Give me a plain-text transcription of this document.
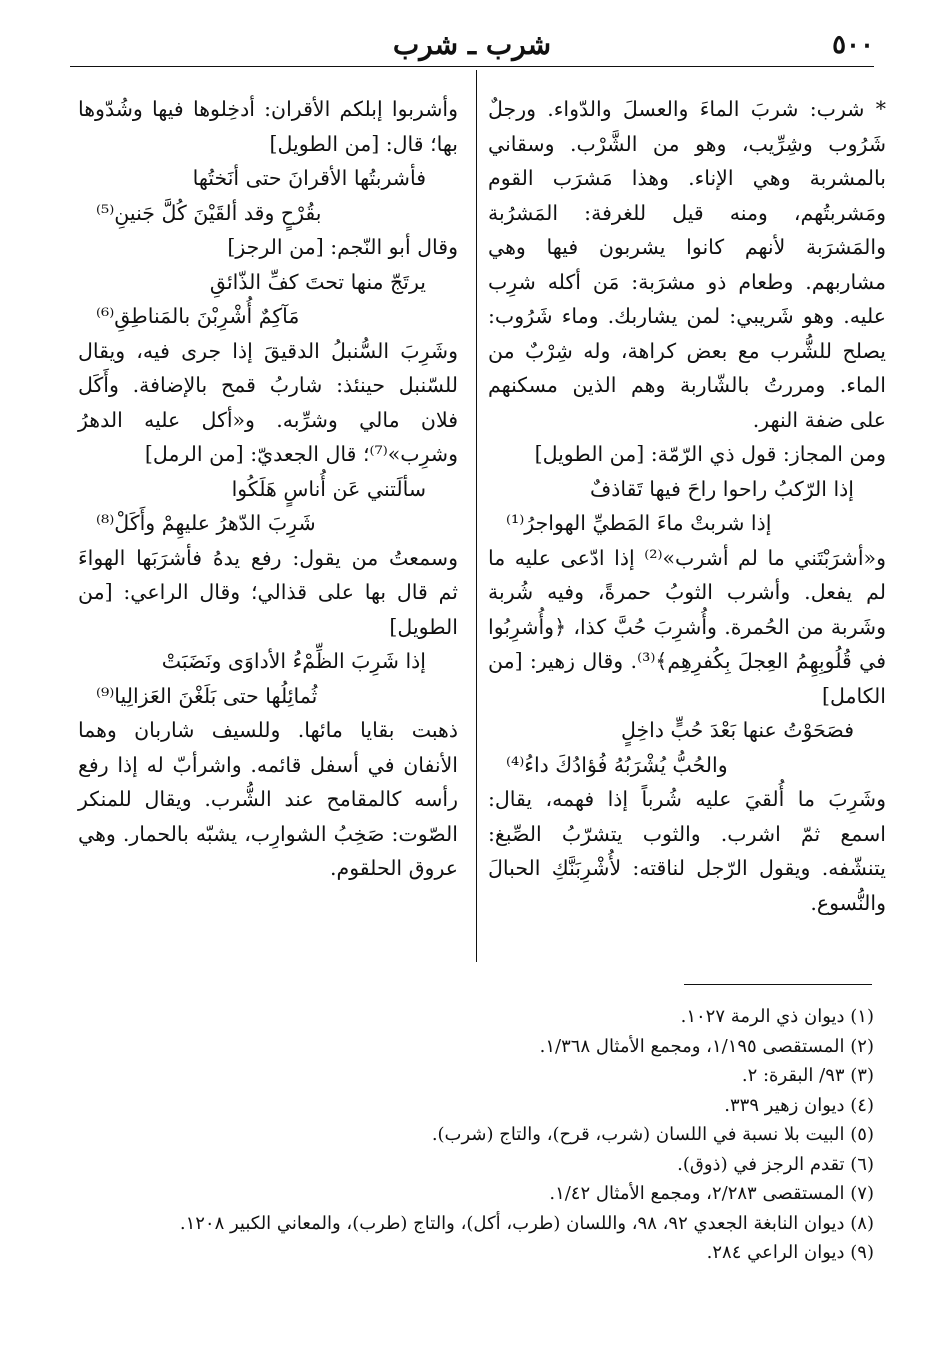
٥٠٠
شرب ـ شرب

* شرب: شربَ الماءَ والعسلَ والدّواء. ورجلٌ شَرُوب وشِرِّيب، وهو من الشَّرْب. وسقاني بالمشربة وهي الإناء. وهذا مَشرَب القوم ومَشربتُهم، ومنه قيل للغرفة: المَشرُبة والمَشرَبة لأنهم كانوا يشربون فيها وهي مشاربهم. وطعام ذو مشرَبة: مَن أكله شرِب عليه. وهو شَريبي: لمن يشاربك. وماء شَرُوب: يصلح للشُّرب مع بعض كراهة، وله شِرْبٌ من الماء. ومررتُ بالشّاربة وهم الذين مسكنهم على ضفة النهر.

ومن المجاز: قول ذي الرّمّة: [من الطويل]

إذا الرّكبُ راحوا راحَ فيها تَقاذفٌ
إذا شربتْ ماءَ المَطيِّ الهواجرُ⁽¹⁾

و«أشرَبْتَني ما لم أشرب»⁽²⁾ إذا ادّعى عليه ما لم يفعل. وأشرب الثوبُ حمرةً، وفيه شُربة وشَربة من الحُمرة. وأُشرِبَ حُبَّ كذا، ﴿وأُشرِبُوا في قُلُوبِهِمُ العِجلَ بِكُفرِهِم﴾⁽³⁾. وقال زهير: [من الكامل]

فصَحَوْتُ عنها بَعْدَ حُبٍّ داخِلٍ
والحُبُّ يُشْرَبُهُ فُؤادُكَ داءُ⁽⁴⁾

وشَرِبَ ما أُلقيَ عليه شُرباً إذا فهمه، يقال: اسمع ثمّ اشرب. والثوب يتشرّبُ الصِّبغ: يتنشّفه. ويقول الرّجل لناقته: لأُشْرِبَنَّكِ الحبالَ والنُّسوع.

وأشربوا إبلكم الأقران: أدخِلوها فيها وشُدّوها بها؛ قال: [من الطويل]

فأشربتُها الأقرانَ حتى أنَختُها
بقُرْحٍ وقد ألقَيْنَ كُلَّ جَنينِ⁽⁵⁾

وقال أبو النّجم: [من الرجز]

يرتَجّ منها تحتَ كفِّ الذّائقِ
مَآكِمٌ أُشْرِبْنَ بالمَناطِقِ⁽⁶⁾

وشَرِبَ السُّنبلُ الدقيقَ إذا جرى فيه، ويقال للسّنبل حينئذ: شاربُ قمح بالإضافة. وأَكَل فلان مالي وشرِّبه. و«أكل عليه الدهرُ وشرِب»⁽⁷⁾؛ قال الجعديّ: [من الرمل]

سألَتني عَن أُناسٍ هَلَكُوا
شَرِبَ الدّهرُ عليهِمْ وأَكَلْ⁽⁸⁾

وسمعتُ من يقول: رفع يدهُ فأشرَبَها الهواءَ ثم قال بها على قذالي؛ وقال الراعي: [من الطويل]

إذا شَرِبَ الظِّمْءُ الأداوَى ونَضَبَتْ
ثُمائِلُها حتى بَلَغْنَ العَزالِيا⁽⁹⁾

ذهبت بقايا مائها. وللسيف شاربان وهما الأنفان في أسفل قائمه. واشرأبّ له إذا رفع رأسه كالمقامح عند الشُّرب. ويقال للمنكر الصّوت: صَخِبُ الشوارِب، يشبّه بالحمار. وهي عروق الحلقوم.

(١) ديوان ذي الرمة ١٠٢٧.
(٢) المستقصى ١/١٩٥، ومجمع الأمثال ١/٣٦٨.
(٣) ٩٣/ البقرة: ٢.
(٤) ديوان زهير ٣٣٩.
(٥) البيت بلا نسبة في اللسان (شرب، قرح)، والتاج (شرب).
(٦) تقدم الرجز في (ذوق).
(٧) المستقصى ٢/٢٨٣، ومجمع الأمثال ١/٤٢.
(٨) ديوان النابغة الجعدي ٩٢، ٩٨، واللسان (طرب، أكل)، والتاج (طرب)، والمعاني الكبير ١٢٠٨.
(٩) ديوان الراعي ٢٨٤.
